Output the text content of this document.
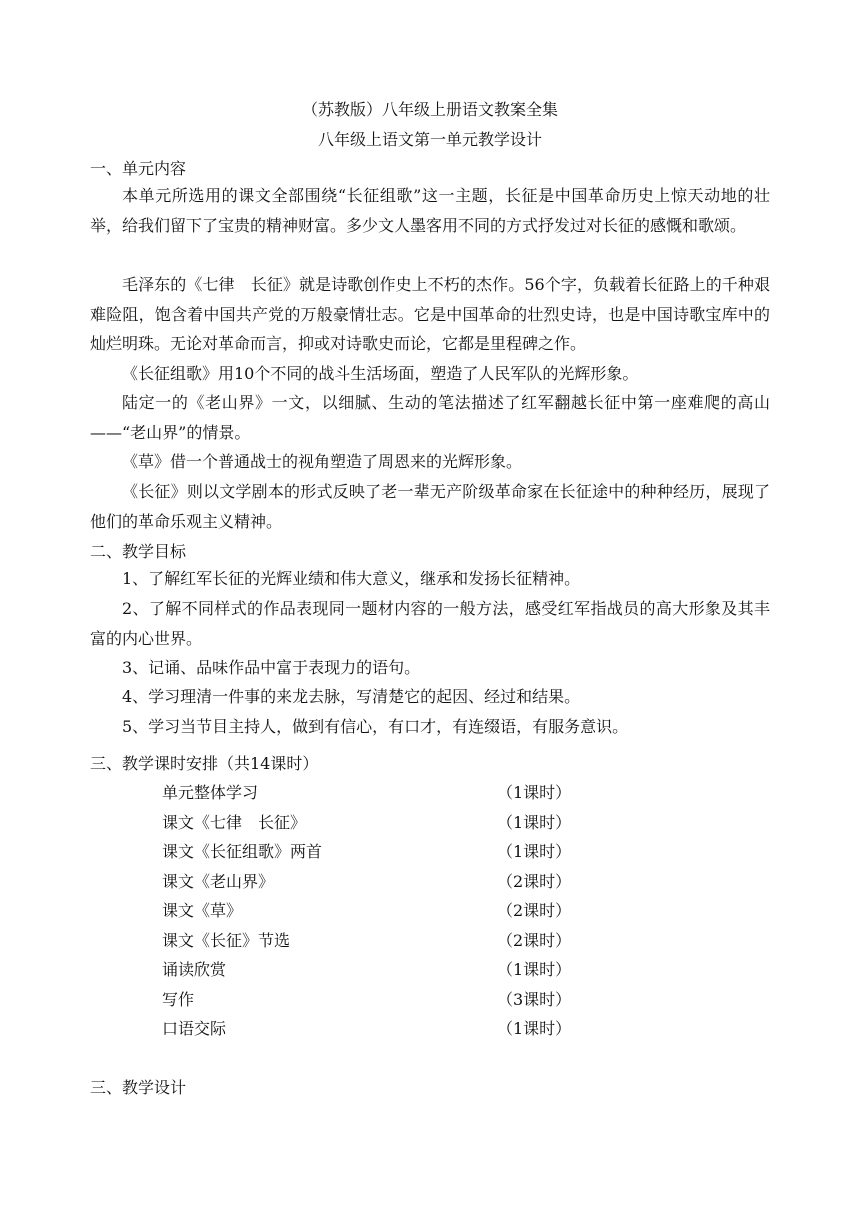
（苏教版）八年级上册语文教案全集
八年级上语文第一单元教学设计
一、单元内容
本单元所选用的课文全部围绕“长征组歌”这一主题，长征是中国革命历史上惊天动地的壮举，给我们留下了宝贵的精神财富。多少文人墨客用不同的方式抒发过对长征的感慨和歌颂。
毛泽东的《七律　长征》就是诗歌创作史上不朽的杰作。56个字，负载着长征路上的千种艰难险阻，饱含着中国共产党的万般豪情壮志。它是中国革命的壮烈史诗，也是中国诗歌宝库中的灿烂明珠。无论对革命而言，抑或对诗歌史而论，它都是里程碑之作。
《长征组歌》用10个不同的战斗生活场面，塑造了人民军队的光辉形象。
陆定一的《老山界》一文，以细腻、生动的笔法描述了红军翻越长征中第一座难爬的高山——“老山界”的情景。
《草》借一个普通战士的视角塑造了周恩来的光辉形象。
《长征》则以文学剧本的形式反映了老一辈无产阶级革命家在长征途中的种种经历，展现了他们的革命乐观主义精神。
二、教学目标
1、了解红军长征的光辉业绩和伟大意义，继承和发扬长征精神。
2、了解不同样式的作品表现同一题材内容的一般方法，感受红军指战员的高大形象及其丰富的内心世界。
3、记诵、品味作品中富于表现力的语句。
4、学习理清一件事的来龙去脉，写清楚它的起因、经过和结果。
5、学习当节目主持人，做到有信心，有口才，有连缀语，有服务意识。
三、教学课时安排（共14课时）
单元整体学习	（1课时）
课文《七律　长征》	（1课时）
课文《长征组歌》两首	（1课时）
课文《老山界》	（2课时）
课文《草》	（2课时）
课文《长征》节选	（2课时）
诵读欣赏	（1课时）
写作	（3课时）
口语交际	（1课时）
三、教学设计
